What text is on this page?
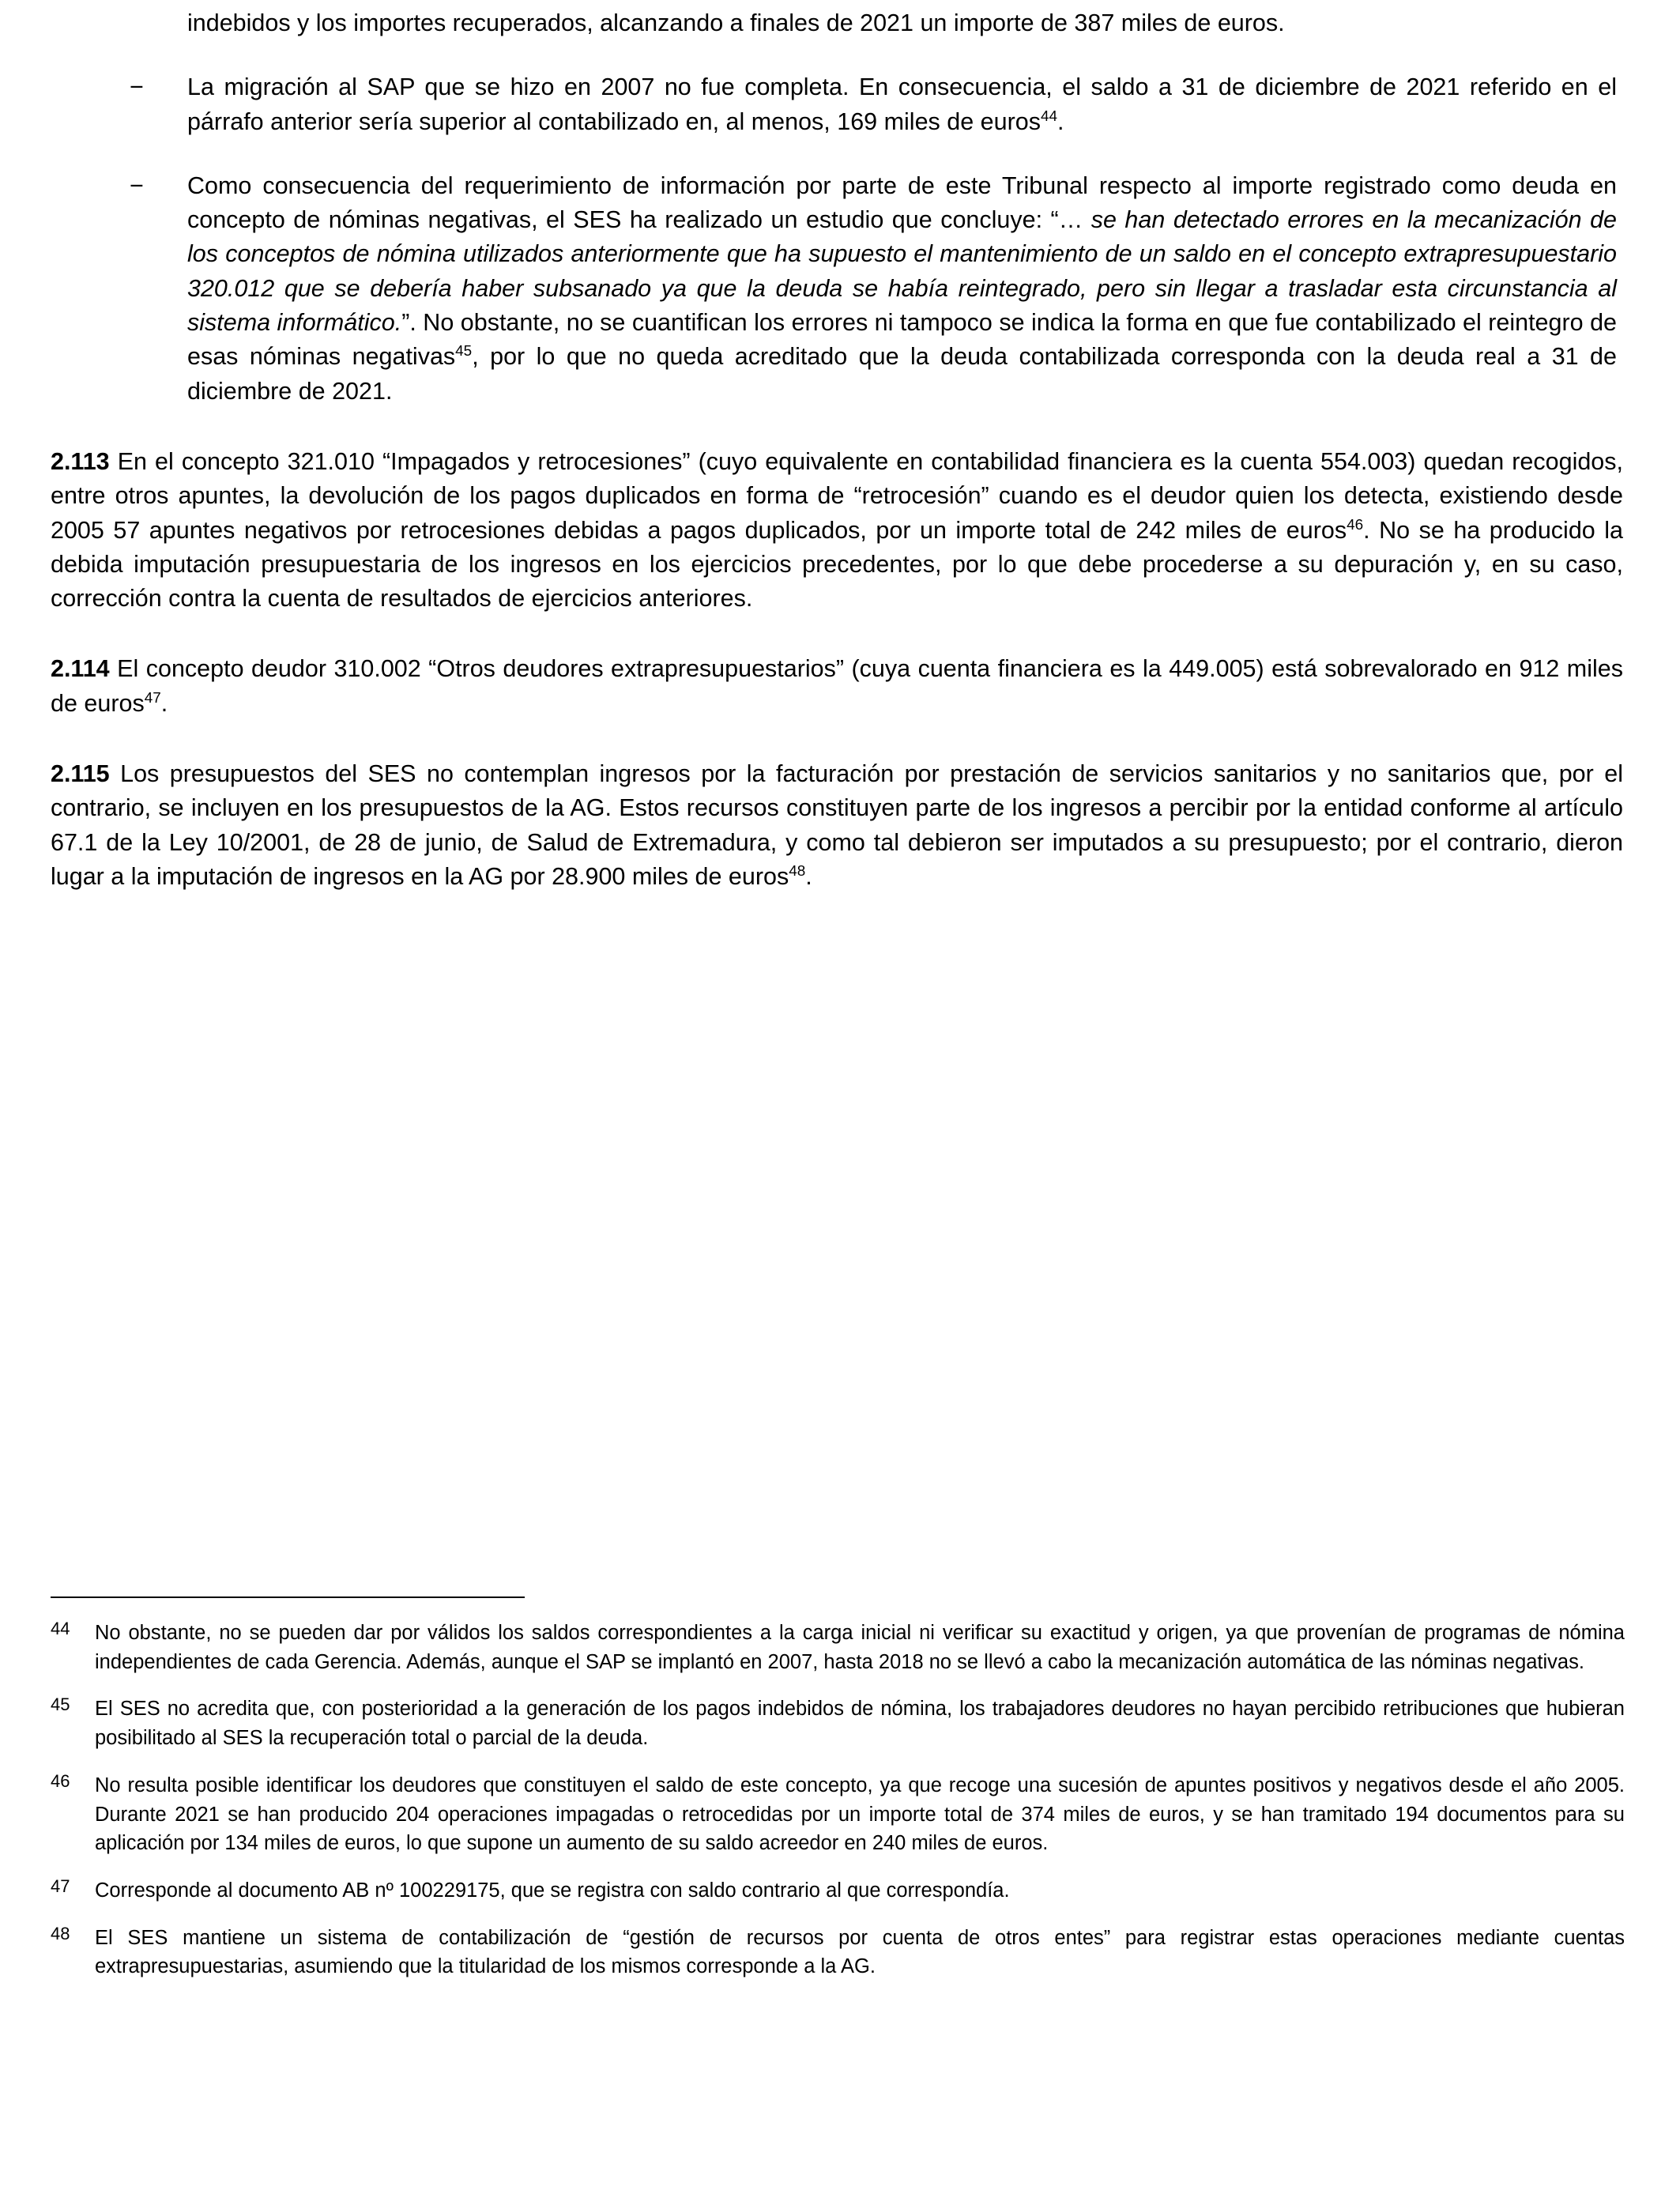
indebidos y los importes recuperados, alcanzando a finales de 2021 un importe de 387 miles de euros.

−	La migración al SAP que se hizo en 2007 no fue completa. En consecuencia, el saldo a 31 de diciembre de 2021 referido en el párrafo anterior sería superior al contabilizado en, al menos, 169 miles de euros$^{44}$.
−	Como consecuencia del requerimiento de información por parte de este Tribunal respecto al importe registrado como deuda en concepto de nóminas negativas, el SES ha realizado un estudio que concluye: “… se han detectado errores en la mecanización de los conceptos de nómina utilizados anteriormente que ha supuesto el mantenimiento de un saldo en el concepto extrapresupuestario 320.012 que se debería haber subsanado ya que la deuda se había reintegrado, pero sin llegar a trasladar esta circunstancia al sistema informático.”. No obstante, no se cuantifican los errores ni tampoco se indica la forma en que fue contabilizado el reintegro de esas nóminas negativas$^{45}$, por lo que no queda acreditado que la deuda contabilizada corresponda con la deuda real a 31 de diciembre de 2021.

2.113 En el concepto 321.010 “Impagados y retrocesiones” (cuyo equivalente en contabilidad financiera es la cuenta 554.003) quedan recogidos, entre otros apuntes, la devolución de los pagos duplicados en forma de “retrocesión” cuando es el deudor quien los detecta, existiendo desde 2005 57 apuntes negativos por retrocesiones debidas a pagos duplicados, por un importe total de 242 miles de euros$^{46}$. No se ha producido la debida imputación presupuestaria de los ingresos en los ejercicios precedentes, por lo que debe procederse a su depuración y, en su caso, corrección contra la cuenta de resultados de ejercicios anteriores.

2.114 El concepto deudor 310.002 “Otros deudores extrapresupuestarios” (cuya cuenta financiera es la 449.005) está sobrevalorado en 912 miles de euros$^{47}$.

2.115 Los presupuestos del SES no contemplan ingresos por la facturación por prestación de servicios sanitarios y no sanitarios que, por el contrario, se incluyen en los presupuestos de la AG. Estos recursos constituyen parte de los ingresos a percibir por la entidad conforme al artículo 67.1 de la Ley 10/2001, de 28 de junio, de Salud de Extremadura, y como tal debieron ser imputados a su presupuesto; por el contrario, dieron lugar a la imputación de ingresos en la AG por 28.900 miles de euros$^{48}$.

44	No obstante, no se pueden dar por válidos los saldos correspondientes a la carga inicial ni verificar su exactitud y origen, ya que provenían de programas de nómina independientes de cada Gerencia. Además, aunque el SAP se implantó en 2007, hasta 2018 no se llevó a cabo la mecanización automática de las nóminas negativas.
45	El SES no acredita que, con posterioridad a la generación de los pagos indebidos de nómina, los trabajadores deudores no hayan percibido retribuciones que hubieran posibilitado al SES la recuperación total o parcial de la deuda.
46	No resulta posible identificar los deudores que constituyen el saldo de este concepto, ya que recoge una sucesión de apuntes positivos y negativos desde el año 2005. Durante 2021 se han producido 204 operaciones impagadas o retrocedidas por un importe total de 374 miles de euros, y se han tramitado 194 documentos para su aplicación por 134 miles de euros, lo que supone un aumento de su saldo acreedor en 240 miles de euros.
47	Corresponde al documento AB nº 100229175, que se registra con saldo contrario al que correspondía.
48	El SES mantiene un sistema de contabilización de “gestión de recursos por cuenta de otros entes” para registrar estas operaciones mediante cuentas extrapresupuestarias, asumiendo que la titularidad de los mismos corresponde a la AG.
